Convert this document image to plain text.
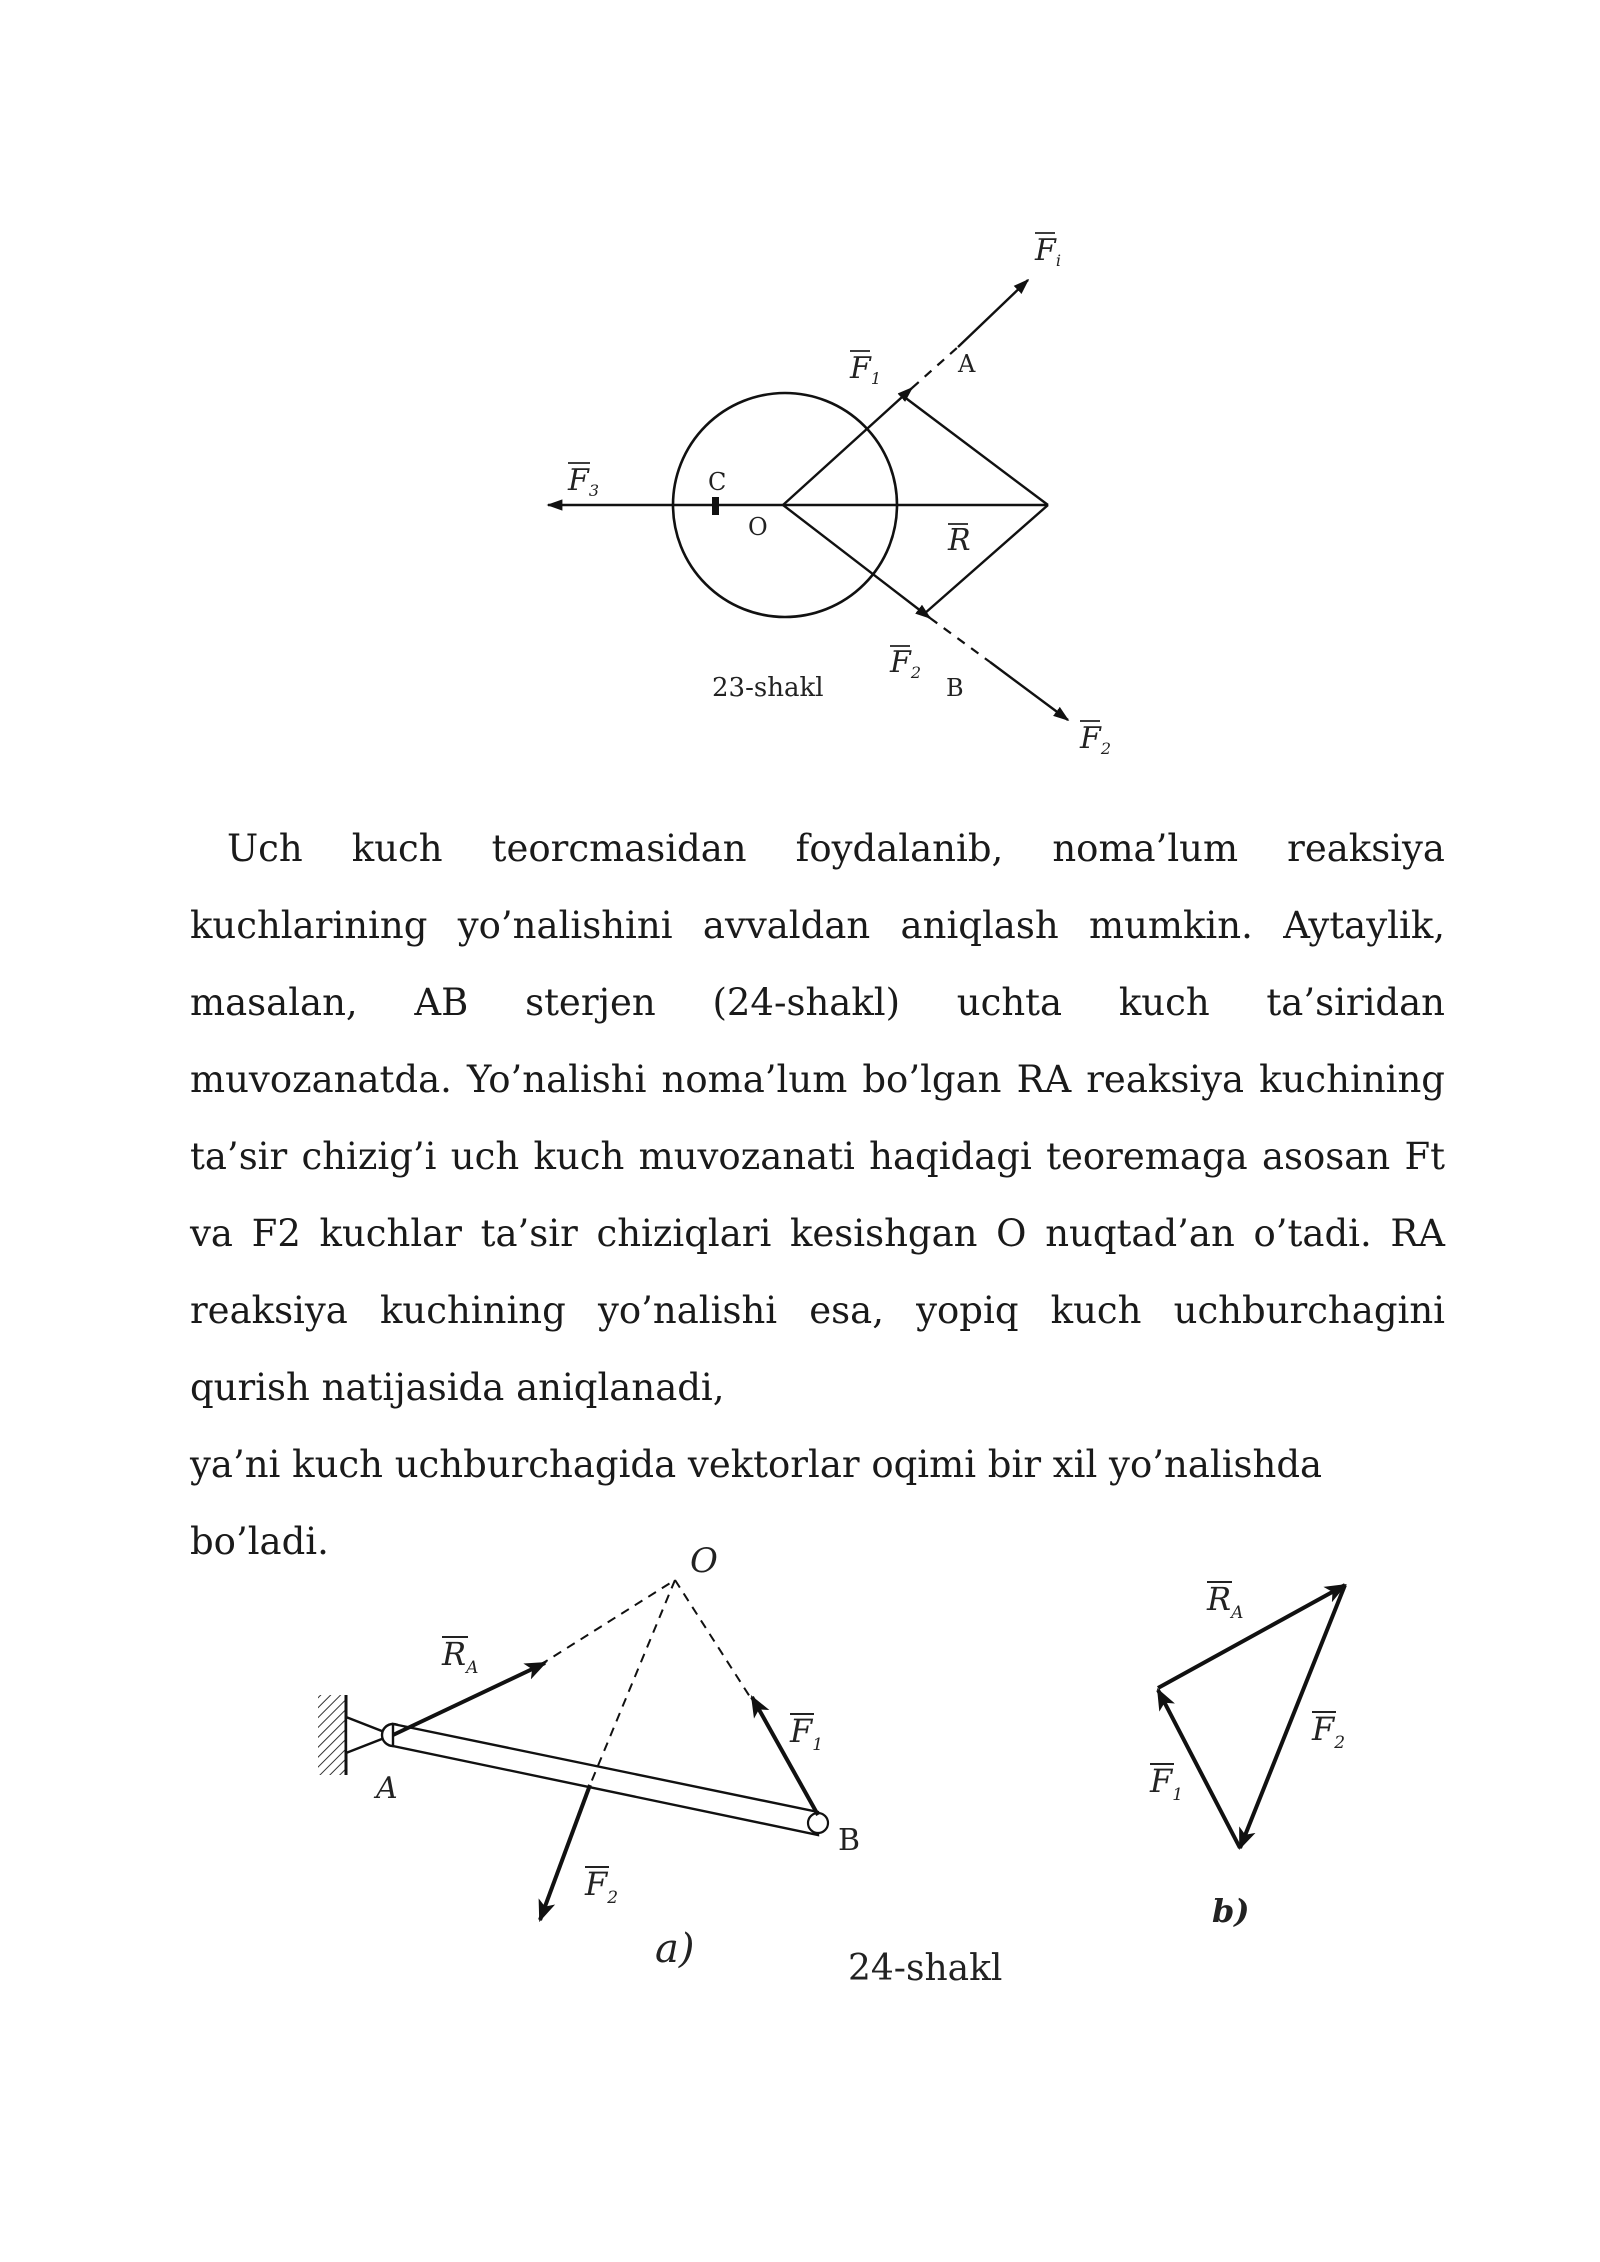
$F_i$
$F_1$
$F_3$
R
$F_2$
$F_2$
A
C
O
B
23-shakl

Uch kuch teorcmasidan foydalanib, noma’lum reaksiya kuchlarining yo’nalishini avvaldan aniqlash mumkin. Aytaylik, masalan, AB sterjen (24-shakl) uchta kuch ta’siridan muvozanatda. Yo’nalishi noma’lum bo’lgan RA reaksiya kuchining ta’sir chizig’i uch kuch muvozanati haqidagi teoremaga asosan Ft va F2 kuchlar ta’sir chiziqlari kesishgan O nuqtad’an o’tadi. RA reaksiya kuchining yo’nalishi esa, yopiq kuch uchburchagini qurish natijasida aniqlanadi,

ya’ni kuch uchburchagida vektorlar oqimi bir xil yo’nalishda bo’ladi.	O
$R_A$
$F_1$
A
$F_2$
a)
B
$R_A$
$F_2$
$F_1$
b)
24-shakl
